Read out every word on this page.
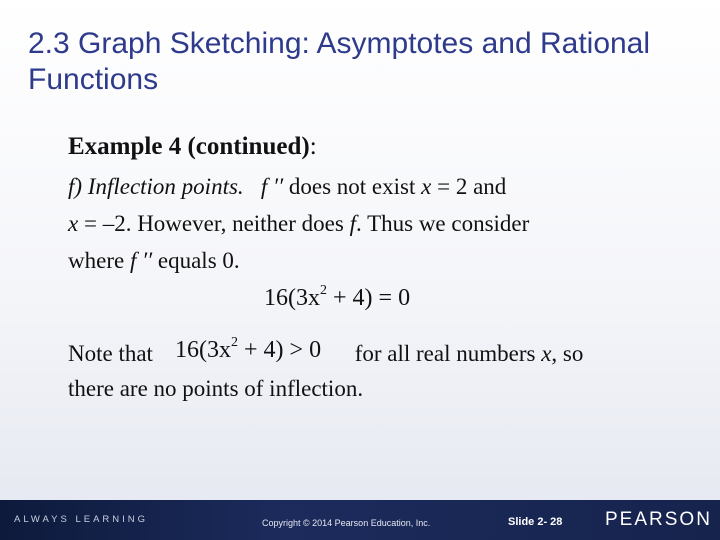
2.3 Graph Sketching: Asymptotes and Rational Functions
Example 4 (continued):
f) Inflection points. f ′′ does not exist x = 2 and
x = –2. However, neither does f. Thus we consider
where f ′′ equals 0.
$16(3x^2 + 4) = 0$
Note that	for all real numbers x, so
$16(3x^2 + 4) > 0$
there are no points of inflection.
ALWAYS LEARNING	Copyright © 2014 Pearson Education, Inc.	Slide 2- 28 PEARSON
